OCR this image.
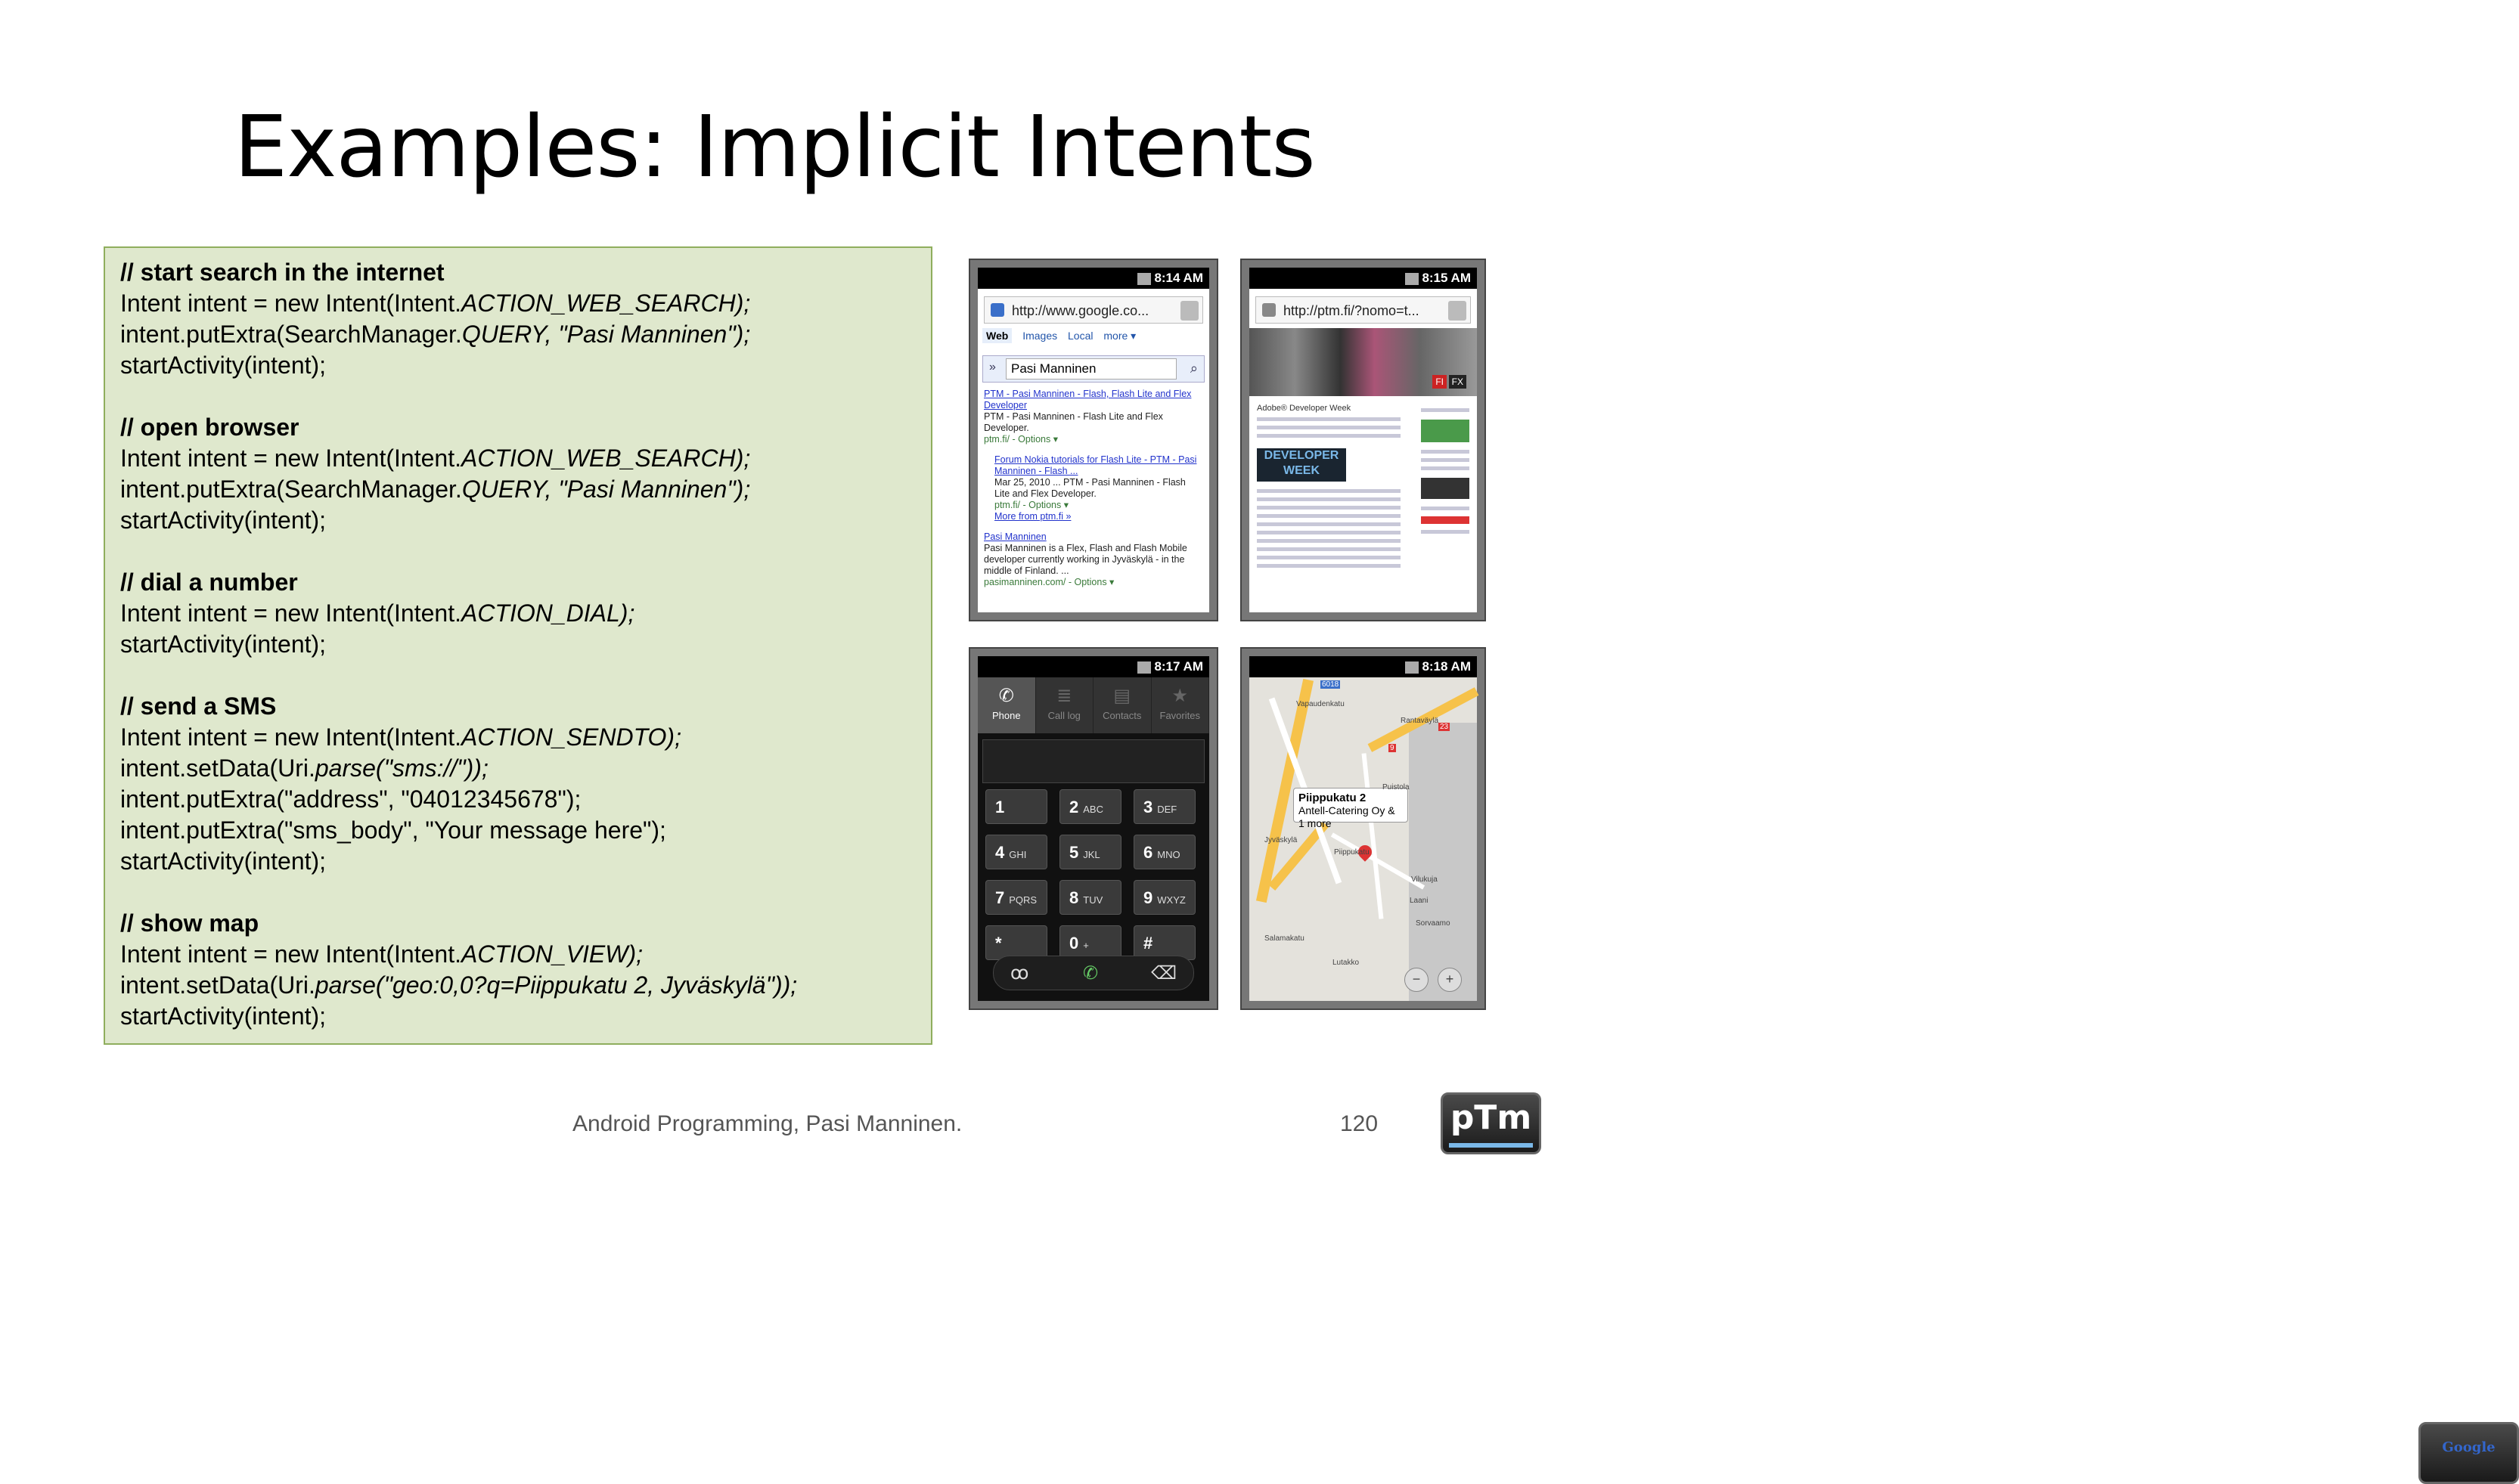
Examples: Implicit Intents
// start search in the internet
Intent intent = new Intent(Intent.ACTION_WEB_SEARCH);
intent.putExtra(SearchManager.QUERY, "Pasi Manninen");
startActivity(intent);
// open browser
Intent intent = new Intent(Intent.ACTION_WEB_SEARCH);
intent.putExtra(SearchManager.QUERY, "Pasi Manninen");
startActivity(intent);
// dial a number
Intent intent = new Intent(Intent.ACTION_DIAL);
startActivity(intent);
// send a SMS
Intent intent = new Intent(Intent.ACTION_SENDTO);
intent.setData(Uri.parse("sms://"));
intent.putExtra("address", "04012345678");
intent.putExtra("sms_body", "Your message here");
startActivity(intent);
// show map
Intent intent = new Intent(Intent.ACTION_VIEW);
intent.setData(Uri.parse("geo:0,0?q=Piippukatu 2, Jyväskylä"));
startActivity(intent);
8:14 AM
http://www.google.co...
Google
Web Images Local more ▾
»	Pasi Manninen	⌕
PTM - Pasi Manninen - Flash, Flash Lite and Flex Developer
PTM - Pasi Manninen - Flash Lite and Flex Developer.
ptm.fi/ - Options ▾
Forum Nokia tutorials for Flash Lite - PTM - Pasi Manninen - Flash ...
Mar 25, 2010 ... PTM - Pasi Manninen - Flash Lite and Flex Developer.
ptm.fi/ - Options ▾
More from ptm.fi »
Pasi Manninen
Pasi Manninen is a Flex, Flash and Flash Mobile developer currently working in Jyväskylä - in the middle of Finland. ...
pasimanninen.com/ - Options ▾
8:15 AM
http://ptm.fi/?nomo=t...
FI FX
Adobe® Developer Week
DEVELOPER WEEK
8:17 AM
✆
Phone
≣
Call log
▤
Contacts
★
Favorites
1	2 ABC	3 DEF
4 GHI	5 JKL	6 MNO
7 PQRS	8 TUV	9 WXYZ
*	0 +	#
ꝏ	✆	⌫
8:18 AM
Piippukatu 2
Antell-Catering Oy & 1 more
Rantaväylä
Vapaudenkatu
Jyväskylä
Piippukatu
Vilukuja
Sorvaamo
Lutakko
Salamakatu
Puistola
Laani
6018
23
9
−	+
Android Programming, Pasi Manninen.	120 pTm
